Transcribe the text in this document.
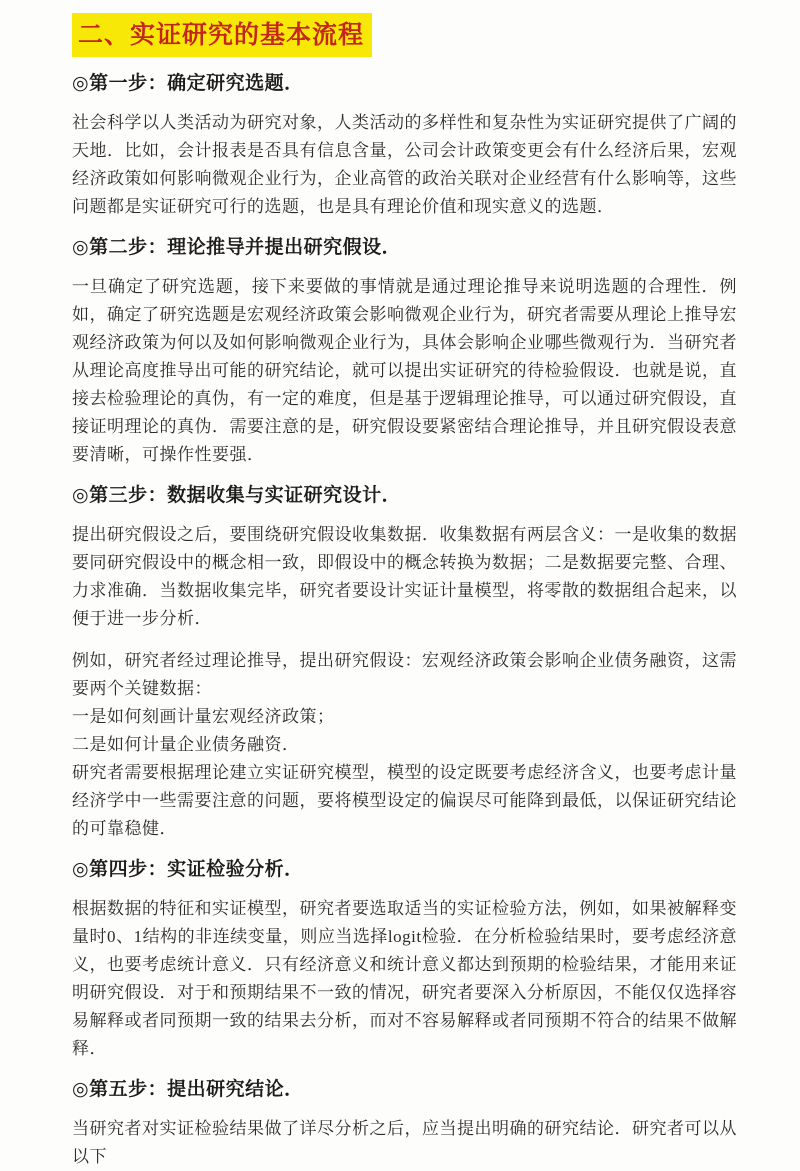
二、实证研究的基本流程
◎第一步：确定研究选题．

社会科学以人类活动为研究对象，人类活动的多样性和复杂性为实证研究提供了广阔的天地．比如，会计报表是否具有信息含量，公司会计政策变更会有什么经济后果，宏观经济政策如何影响微观企业行为，企业高管的政治关联对企业经营有什么影响等，这些问题都是实证研究可行的选题，也是具有理论价值和现实意义的选题．

◎第二步：理论推导并提出研究假设．

一旦确定了研究选题，接下来要做的事情就是通过理论推导来说明选题的合理性．例如，确定了研究选题是宏观经济政策会影响微观企业行为，研究者需要从理论上推导宏观经济政策为何以及如何影响微观企业行为，具体会影响企业哪些微观行为．当研究者从理论高度推导出可能的研究结论，就可以提出实证研究的待检验假设．也就是说，直接去检验理论的真伪，有一定的难度，但是基于逻辑理论推导，可以通过研究假设，直接证明理论的真伪．需要注意的是，研究假设要紧密结合理论推导，并且研究假设表意要清晰，可操作性要强．

◎第三步：数据收集与实证研究设计．

提出研究假设之后，要围绕研究假设收集数据．收集数据有两层含义：一是收集的数据要同研究假设中的概念相一致，即假设中的概念转换为数据；二是数据要完整、合理、力求准确．当数据收集完毕，研究者要设计实证计量模型，将零散的数据组合起来，以便于进一步分析．

例如，研究者经过理论推导，提出研究假设：宏观经济政策会影响企业债务融资，这需要两个关键数据：
一是如何刻画计量宏观经济政策；
二是如何计量企业债务融资．
研究者需要根据理论建立实证研究模型，模型的设定既要考虑经济含义，也要考虑计量经济学中一些需要注意的问题，要将模型设定的偏误尽可能降到最低，以保证研究结论的可靠稳健．
◎第四步：实证检验分析．

根据数据的特征和实证模型，研究者要选取适当的实证检验方法，例如，如果被解释变量时0、1结构的非连续变量，则应当选择logit检验．在分析检验结果时，要考虑经济意义，也要考虑统计意义．只有经济意义和统计意义都达到预期的检验结果，才能用来证明研究假设．对于和预期结果不一致的情况，研究者要深入分析原因，不能仅仅选择容易解释或者同预期一致的结果去分析，而对不容易解释或者同预期不符合的结果不做解释．

◎第五步：提出研究结论．

当研究者对实证检验结果做了详尽分析之后，应当提出明确的研究结论．研究者可以从以下
